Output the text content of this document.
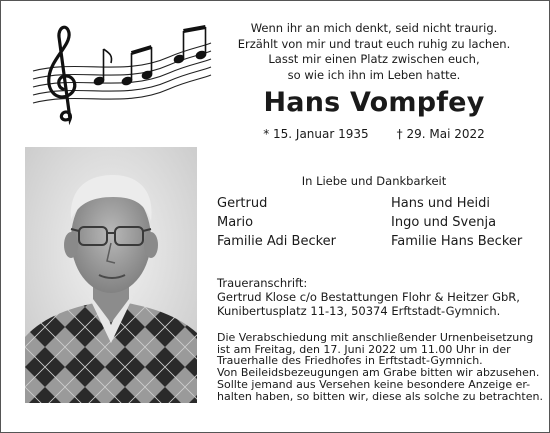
Wenn ihr an mich denkt, seid nicht traurig.
Erzählt von mir und traut euch ruhig zu lachen.
Lasst mir einen Platz zwischen euch,
so wie ich ihn im Leben hatte.
Hans Vompfey
* 15. Januar 1935 † 29. Mai 2022
In Liebe und Dankbarkeit
Gertrud
Mario
Familie Adi Becker
Hans und Heidi
Ingo und Svenja
Familie Hans Becker
Traueranschrift:
Gertrud Klose c/o Bestattungen Flohr & Heitzer GbR,
Kunibertusplatz 11-13, 50374 Erftstadt-Gymnich.
Die Verabschiedung mit anschließender Urnenbeisetzung
ist am Freitag, den 17. Juni 2022 um 11.00 Uhr in der
Trauerhalle des Friedhofes in Erftstadt-Gymnich.
Von Beileidsbezeugungen am Grabe bitten wir abzusehen.
Sollte jemand aus Versehen keine besondere Anzeige er-
halten haben, so bitten wir, diese als solche zu betrachten.
